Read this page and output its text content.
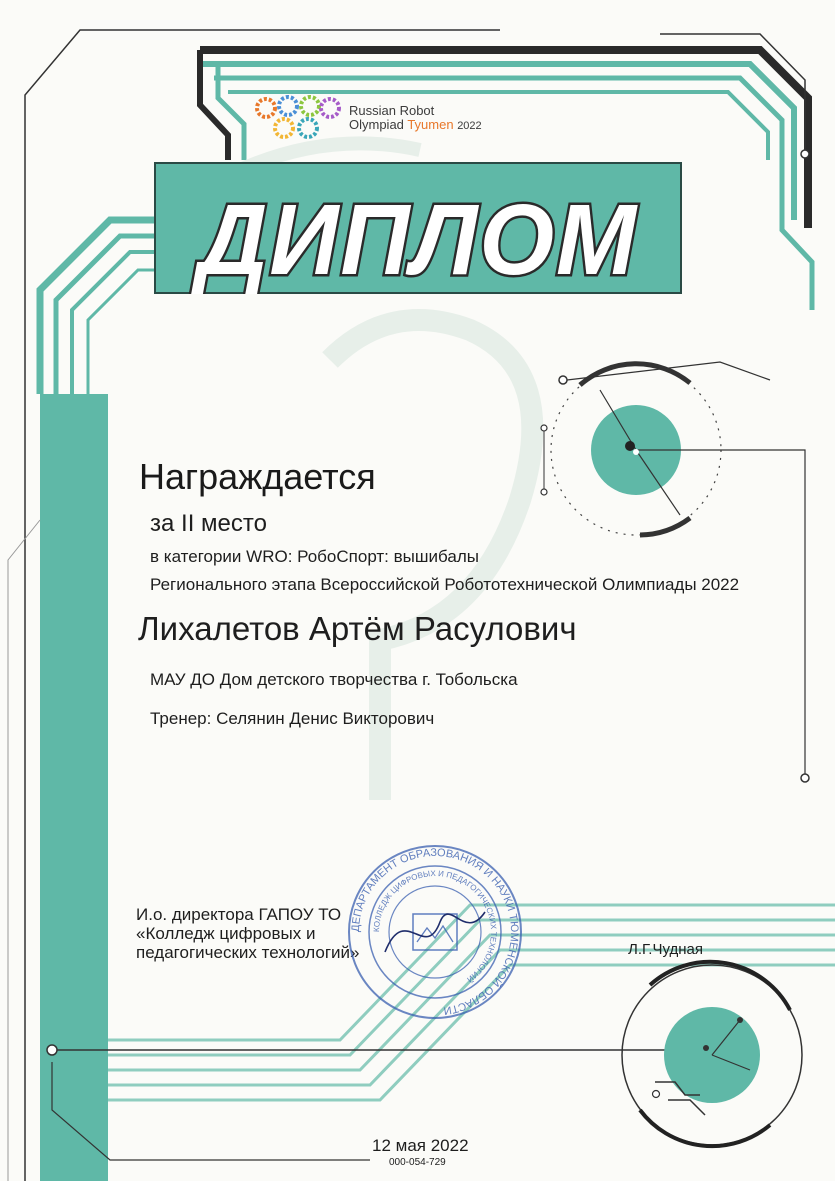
Russian Robot
Olympiad Tyumen 2022
ДИПЛОМ
Награждается
за II место
в категории WRO: РобоСпорт: вышибалы
Регионального этапа Всероссийской Робототехнической Олимпиады 2022
Лихалетов Артём Расулович
МАУ ДО Дом детского творчества г. Тобольска
Тренер: Селянин Денис Викторович
И.о. директора ГАПОУ ТО
«Колледж цифровых и
педагогических технологий»	Л.Г.Чудная
ДЕПАРТАМЕНТ ОБРАЗОВАНИЯ И НАУКИ ТЮМЕНСКОЙ ОБЛАСТИ
КОЛЛЕДЖ ЦИФРОВЫХ И ПЕДАГОГИЧЕСКИХ ТЕХНОЛОГИЙ
12 мая 2022
000-054-729
